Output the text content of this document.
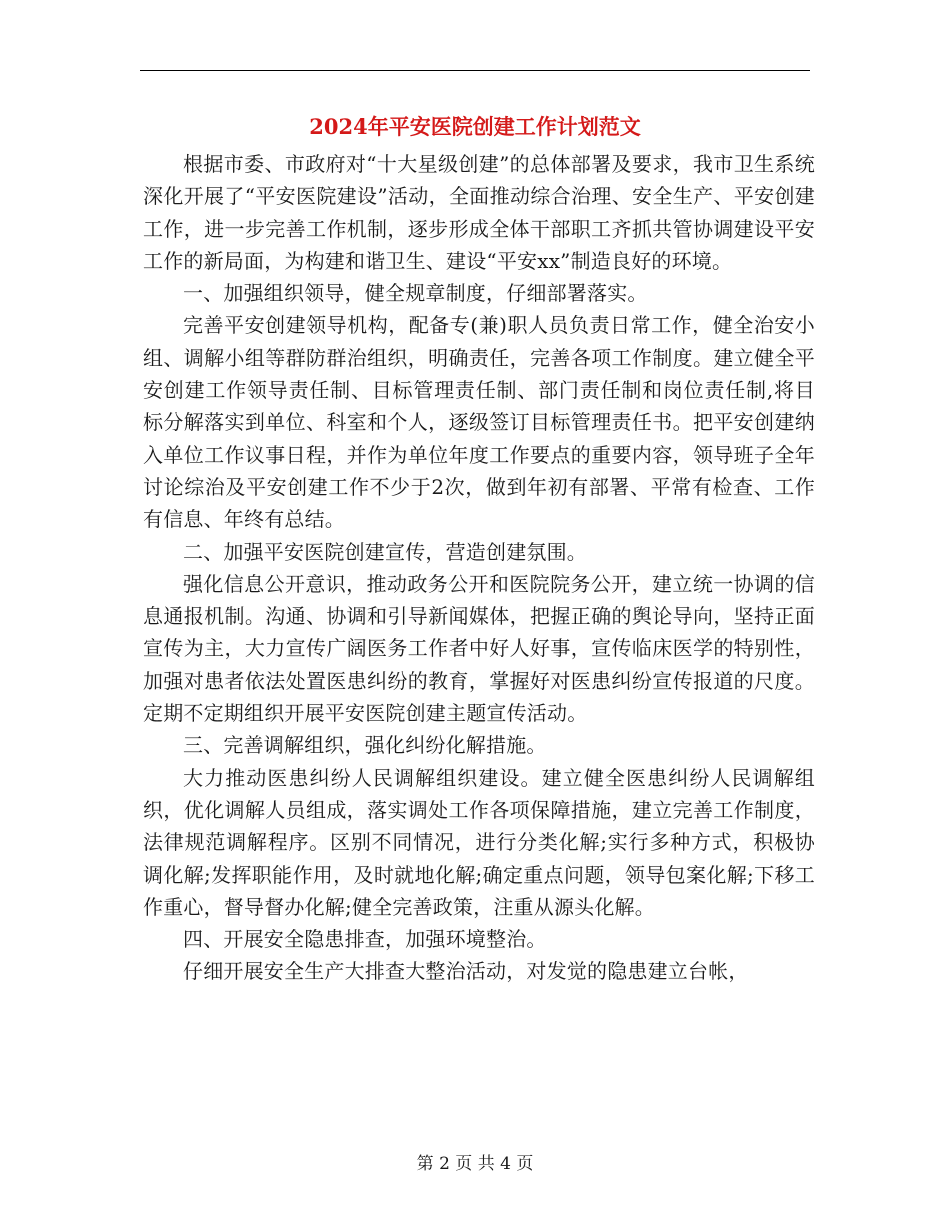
2024年平安医院创建工作计划范文

根据市委、市政府对“十大星级创建”的总体部署及要求，我市卫生系统深化开展了“平安医院建设”活动，全面推动综合治理、安全生产、平安创建工作，进一步完善工作机制，逐步形成全体干部职工齐抓共管协调建设平安工作的新局面，为构建和谐卫生、建设“平安xx”制造良好的环境。

一、加强组织领导，健全规章制度，仔细部署落实。

完善平安创建领导机构，配备专(兼)职人员负责日常工作，健全治安小组、调解小组等群防群治组织，明确责任，完善各项工作制度。建立健全平安创建工作领导责任制、目标管理责任制、部门责任制和岗位责任制,将目标分解落实到单位、科室和个人，逐级签订目标管理责任书。把平安创建纳入单位工作议事日程，并作为单位年度工作要点的重要内容，领导班子全年讨论综治及平安创建工作不少于2次，做到年初有部署、平常有检查、工作有信息、年终有总结。

二、加强平安医院创建宣传，营造创建氛围。

强化信息公开意识，推动政务公开和医院院务公开，建立统一协调的信息通报机制。沟通、协调和引导新闻媒体，把握正确的舆论导向，坚持正面宣传为主，大力宣传广阔医务工作者中好人好事，宣传临床医学的特别性，加强对患者依法处置医患纠纷的教育，掌握好对医患纠纷宣传报道的尺度。定期不定期组织开展平安医院创建主题宣传活动。

三、完善调解组织，强化纠纷化解措施。

大力推动医患纠纷人民调解组织建设。建立健全医患纠纷人民调解组织，优化调解人员组成，落实调处工作各项保障措施，建立完善工作制度，法律规范调解程序。区别不同情况，进行分类化解;实行多种方式，积极协调化解;发挥职能作用，及时就地化解;确定重点问题，领导包案化解;下移工作重心，督导督办化解;健全完善政策，注重从源头化解。

四、开展安全隐患排查，加强环境整治。

仔细开展安全生产大排查大整治活动，对发觉的隐患建立台帐，

第 2 页 共 4 页
